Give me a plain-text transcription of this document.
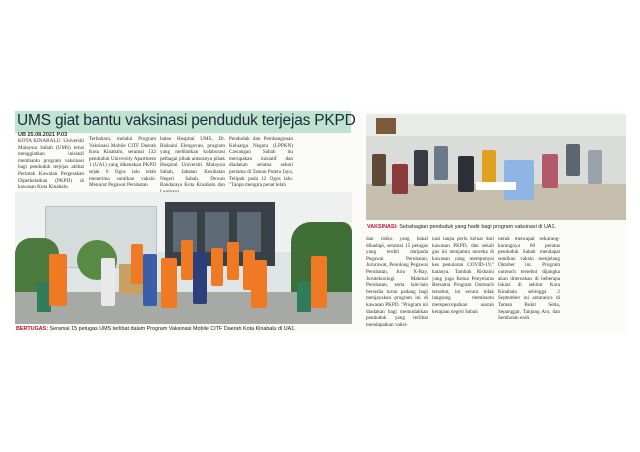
UMS giat bantu vaksinasi penduduk terjejas PKPD
UB 25.08.2021 P.03
KOTA KINABALU: Universiti Malaysia Sabah (UMS) terus menggiatkan inisiatif membantu program vaksinasi bagi penduduk terjejas akibat Perintah Kawalan Pergerakan Diperketatkan (PKPD) di kawasan Kota Kinabalu.
Terbaharu, melalui Program Vaksinasi Mobile CITF Daerah Kota Kinabalu, seramai 132 penduduk University Apartment 1 (UA1) yang dikenakan PKPD sejak 6 Ogos lalu telah menerima suntikan vaksin. Menurut Pegawai Perubatan
batan Hospital UMS, Dr. Rishaini Elengovan, program yang melibatkan kolaborasi pelbagai pihak antaranya pihak Hospital Universiti Malaysia Sabah, Jabatan Kesihatan Negeri Sabah, Dewan Bandaraya Kota Kinabalu dan
Penduduk dan Pembangunan Keluarga Negara (LPPKN) Cawangan Sabah itu merupakan inisiatif dan diadakan selama sehari pertama di Taman Putera Jaya, Telipok pada 12 Ogos lalu. "Tanpa mengira penat lelah
BERTUGAS: Seramai 15 petugas UMS terlibat dalam Program Vaksinasi Mobile CITF Daerah Kota Kinabalu di UA1.
VAKSINASI: Sebahagian penduduk yang hadir bagi program vaksinasi di UA1.
dan risiko yang bakal dihadapi, seramai 15 petugas yang terdiri daripada Pegawai Perubatan, Jururawat, Penolong Pegawai Perubatan, Juru X-Ray, Juruteknologi Makmal Perubatan, serta lain-lain bersedia turun padang bagi menjayakan program ini di kawasan PKPD. "Program ini diadakan bagi memudahkan penduduk yang terlibat mendapatkan vaksi-
nasi tanpa perlu keluar dari kawasan PKPD, dan sekali gus ini menjamin mereka di kawasan yang mempunyai kes penularan COVID-19," katanya. Tambah Rishaini yang juga Ketua Penyelaras Bersama Program Outreach tersebut, ini secara tidak langsung membantu mempercepatkan usaran kerajaan negeri Sabah
untuk mencapai sekurang-kurangnya 60 peratus penduduk Sabah mendapat suntikan vaksin menjelang Oktober ini. Program outreach tersebut dijangka akan diteruskan di beberapa lokasi di sekitar Kota Kinabalu sehingga 2 September ini antaranya di Taman Bukit Setia, Sepanggar, Tanjung Aru, dan Sembulan endi.
